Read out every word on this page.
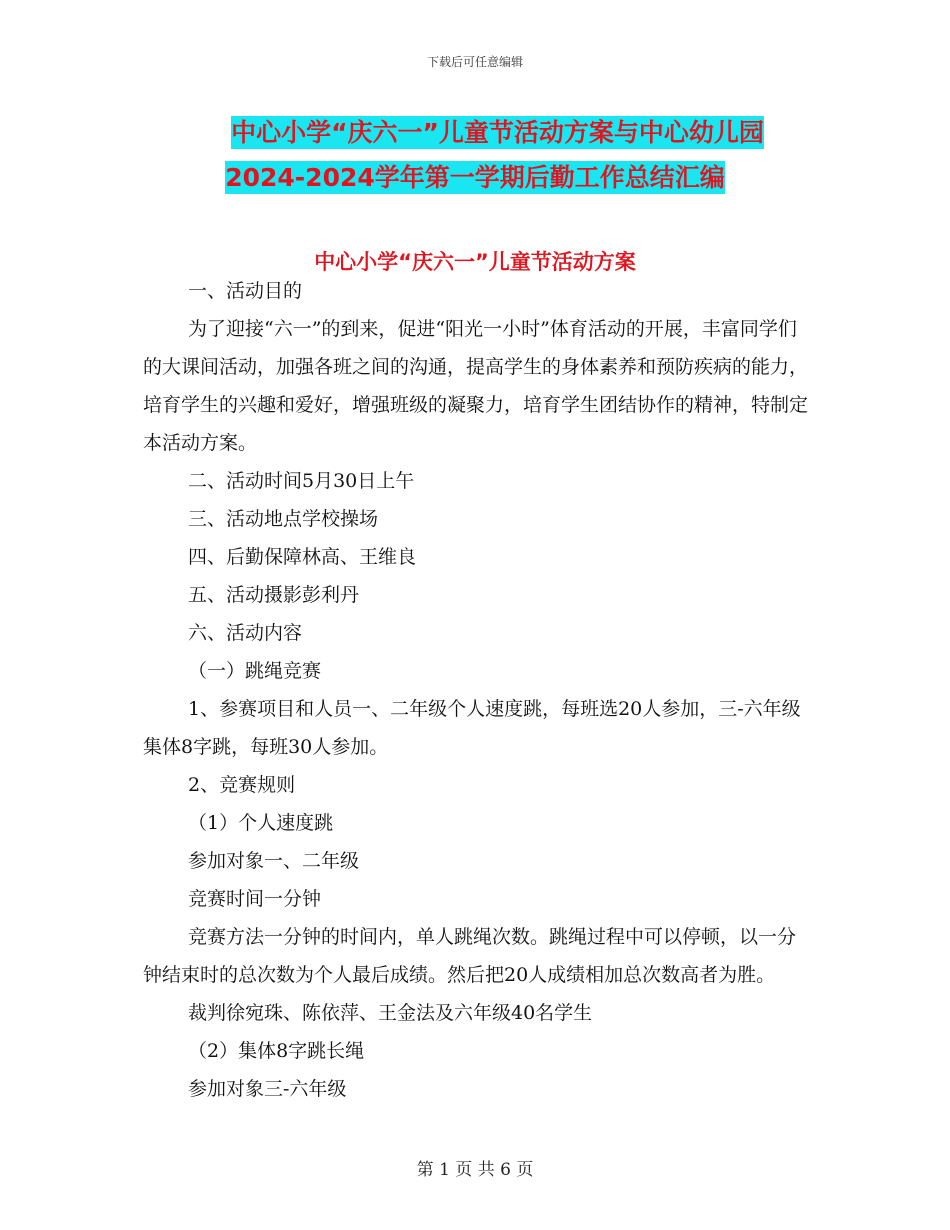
下载后可任意编辑
中心小学“庆六一”儿童节活动方案与中心幼儿园
2024-2024学年第一学期后勤工作总结汇编
中心小学“庆六一”儿童节活动方案

一、活动目的

为了迎接“六一”的到来，促进“阳光一小时”体育活动的开展，丰富同学们的大课间活动，加强各班之间的沟通，提高学生的身体素养和预防疾病的能力，培育学生的兴趣和爱好，增强班级的凝聚力，培育学生团结协作的精神，特制定本活动方案。

二、活动时间5月30日上午

三、活动地点学校操场

四、后勤保障林高、王维良

五、活动摄影彭利丹

六、活动内容

（一）跳绳竞赛

1、参赛项目和人员一、二年级个人速度跳，每班选20人参加，三-六年级集体8字跳，每班30人参加。

2、竞赛规则

（1）个人速度跳

参加对象一、二年级

竞赛时间一分钟

竞赛方法一分钟的时间内，单人跳绳次数。跳绳过程中可以停顿，以一分钟结束时的总次数为个人最后成绩。然后把20人成绩相加总次数高者为胜。

裁判徐宛珠、陈依萍、王金法及六年级40名学生

（2）集体8字跳长绳

参加对象三-六年级

第 1 页 共 6 页
